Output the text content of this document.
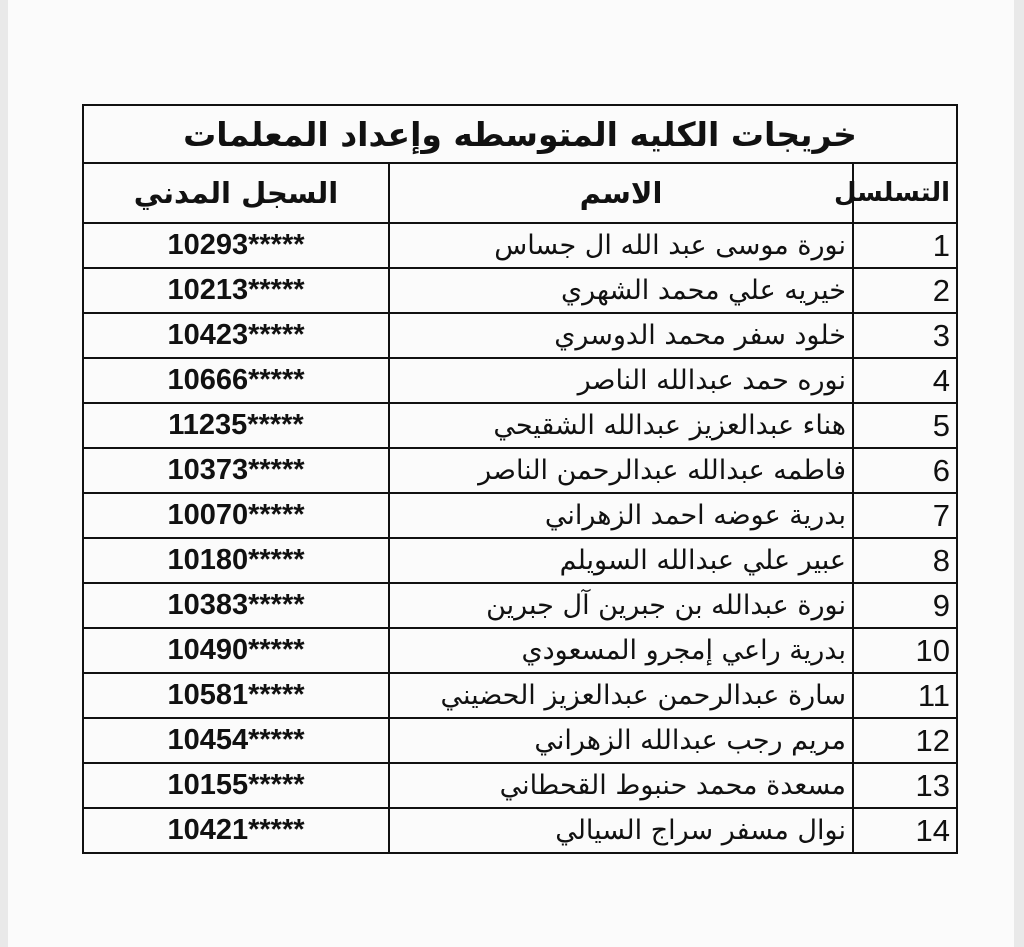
خريجات الكليه المتوسطه وإعداد المعلمات
التسلسل	الاسم	السجل المدني
1	نورة موسى عبد الله ال جساس	10293*****
2	خيريه علي محمد الشهري	10213*****
3	خلود سفر محمد الدوسري	10423*****
4	نوره حمد عبدالله الناصر	10666*****
5	هناء عبدالعزيز عبدالله الشقيحي	11235*****
6	فاطمه عبدالله عبدالرحمن الناصر	10373*****
7	بدرية عوضه احمد الزهراني	10070*****
8	عبير علي عبدالله السويلم	10180*****
9	نورة عبدالله بن جبرين آل جبرين	10383*****
10	بدرية راعي إمجرو المسعودي	10490*****
11	سارة عبدالرحمن عبدالعزيز الحضيني	10581*****
12	مريم رجب عبدالله الزهراني	10454*****
13	مسعدة محمد حنبوط القحطاني	10155*****
14	نوال مسفر سراج السيالي	10421*****
